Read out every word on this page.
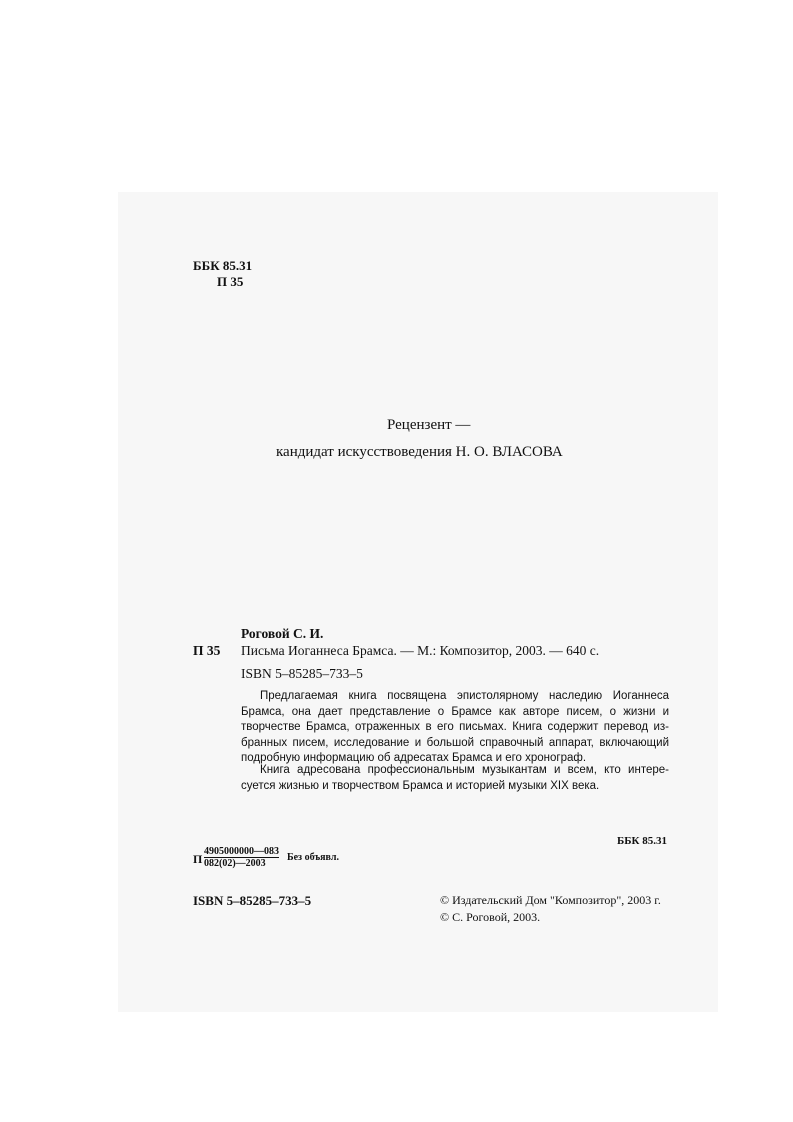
ББК 85.31
П 35
Рецензент —
кандидат искусствоведения Н. О. ВЛАСОВА
Роговой С. И.
П 35 Письма Иоганнеса Брамса. — М.: Композитор, 2003. — 640 с.
ISBN 5–85285–733–5
Предлагаемая книга посвящена эпистолярному наследию Иоганнеса
Брамса, она дает представление о Брамсе как авторе писем, о жизни и
творчестве Брамса, отраженных в его письмах. Книга содержит перевод из-
бранных писем, исследование и большой справочный аппарат, включающий
подробную информацию об адресатах Брамса и его хронограф.
Книга адресована профессиональным музыкантам и всем, кто интере-
суется жизнью и творчеством Брамса и историей музыки XIX века.
ББК 85.31
П $\frac{4905000000—083}{082(02)—2003}$ Без объявл.
ISBN 5–85285–733–5	© Издательский Дом "Композитор", 2003 г.
© С. Роговой, 2003.
